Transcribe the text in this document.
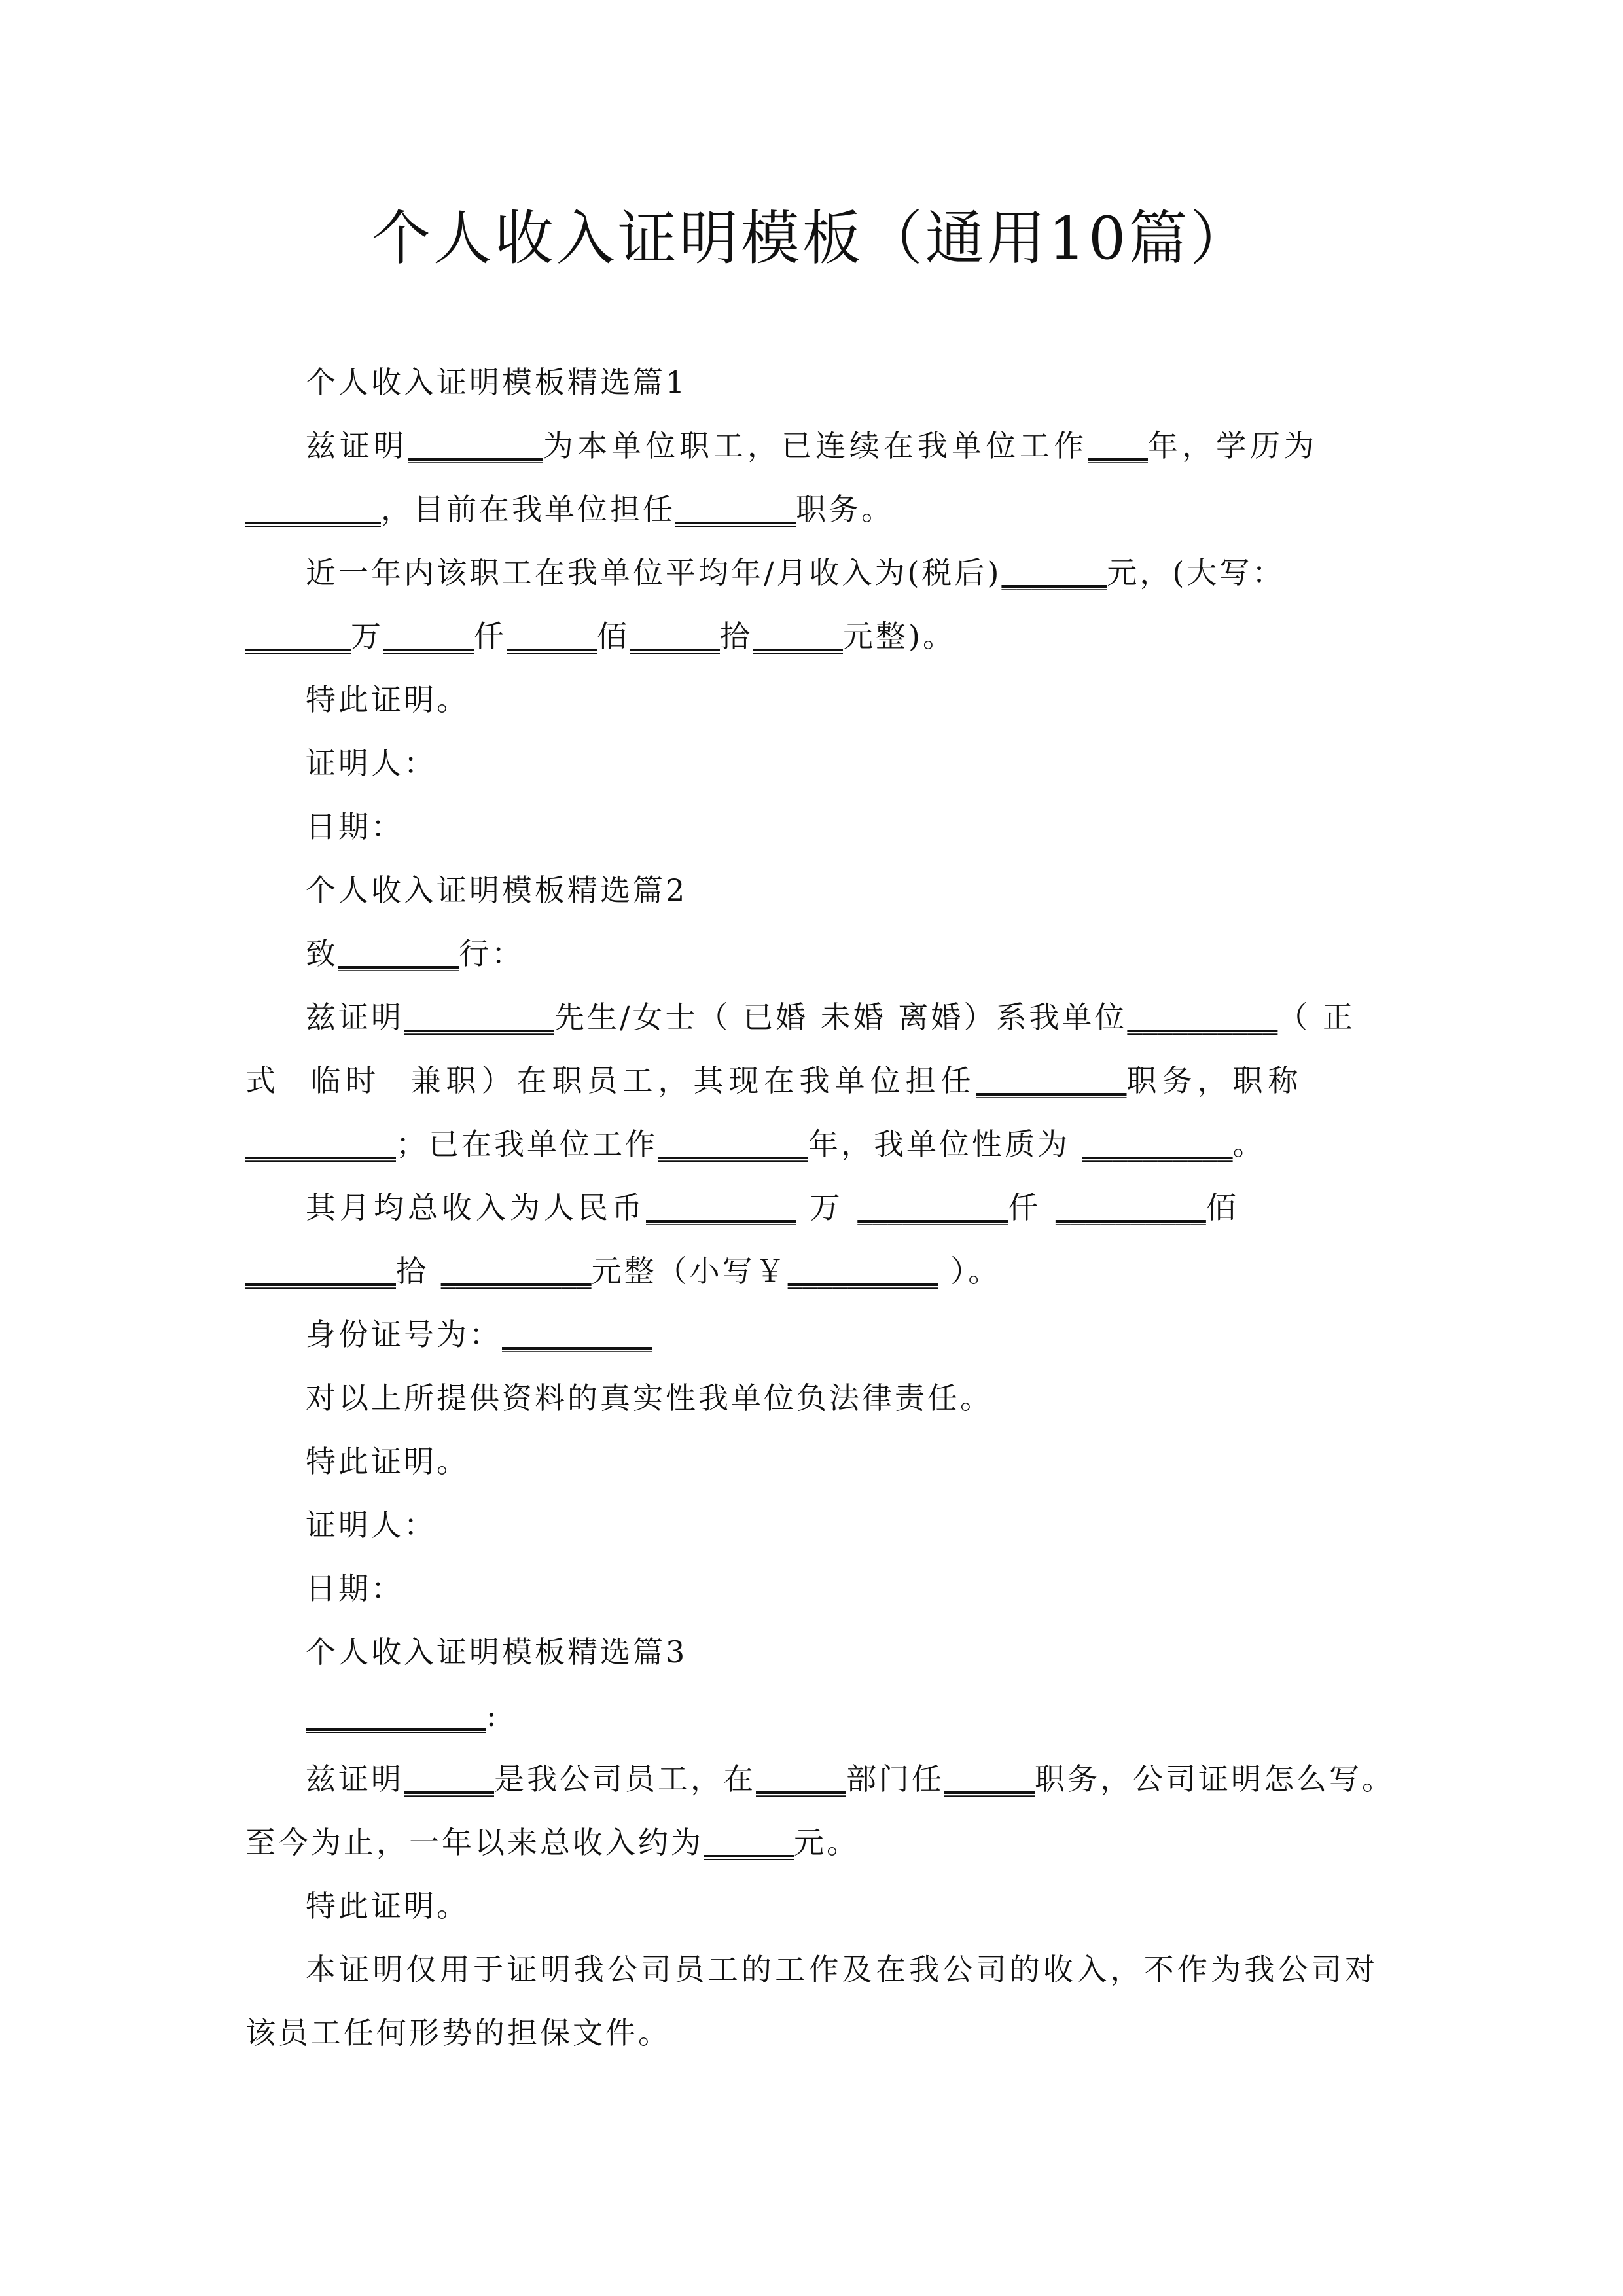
个人收入证明模板（通用10篇）

个人收入证明模板精选篇1

兹证明_________为本单位职工，已连续在我单位工作____年，学历为
_________，目前在我单位担任________职务。

近一年内该职工在我单位平均年/月收入为(税后)_______元，(大写：
_______万______仟______佰______拾______元整)。

特此证明。

证明人：

日期：

个人收入证明模板精选篇2

致________行：

兹证明__________先生/女士（ 已婚 未婚 离婚）系我单位__________（ 正
式  临时  兼职）在职员工，其现在我单位担任__________职务，职称
__________；已在我单位工作__________年，我单位性质为 __________。

其月均总收入为人民币__________ 万 __________仟 __________佰
__________拾 __________元整（小写￥__________ ）。

身份证号为：__________

对以上所提供资料的真实性我单位负法律责任。

特此证明。

证明人：

日期：

个人收入证明模板精选篇3

____________:

兹证明______是我公司员工，在______部门任______职务，公司证明怎么写。
至今为止，一年以来总收入约为______元。

特此证明。

本证明仅用于证明我公司员工的工作及在我公司的收入，不作为我公司对该员工任何形势的担保文件。
